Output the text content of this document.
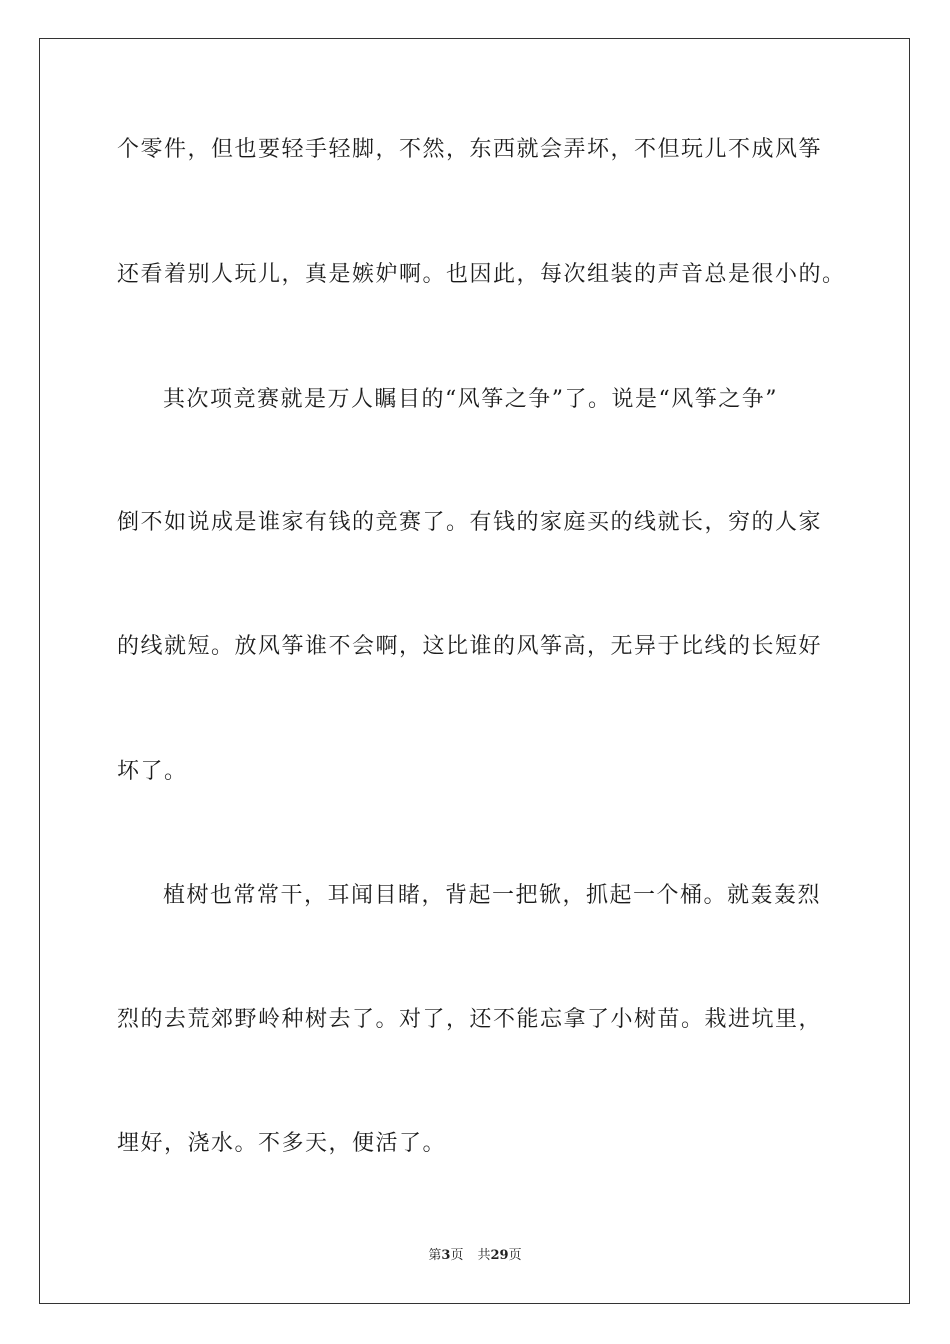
个零件，但也要轻手轻脚，不然，东西就会弄坏，不但玩儿不成风筝
还看着别人玩儿，真是嫉妒啊。也因此，每次组装的声音总是很小的。
其次项竞赛就是万人瞩目的“风筝之争”了。说是“风筝之争”
倒不如说成是谁家有钱的竞赛了。有钱的家庭买的线就长，穷的人家
的线就短。放风筝谁不会啊，这比谁的风筝高，无异于比线的长短好
坏了。
植树也常常干，耳闻目睹，背起一把锨，抓起一个桶。就轰轰烈
烈的去荒郊野岭种树去了。对了，还不能忘拿了小树苗。栽进坑里，
埋好，浇水。不多天，便活了。
第3页 共29页
